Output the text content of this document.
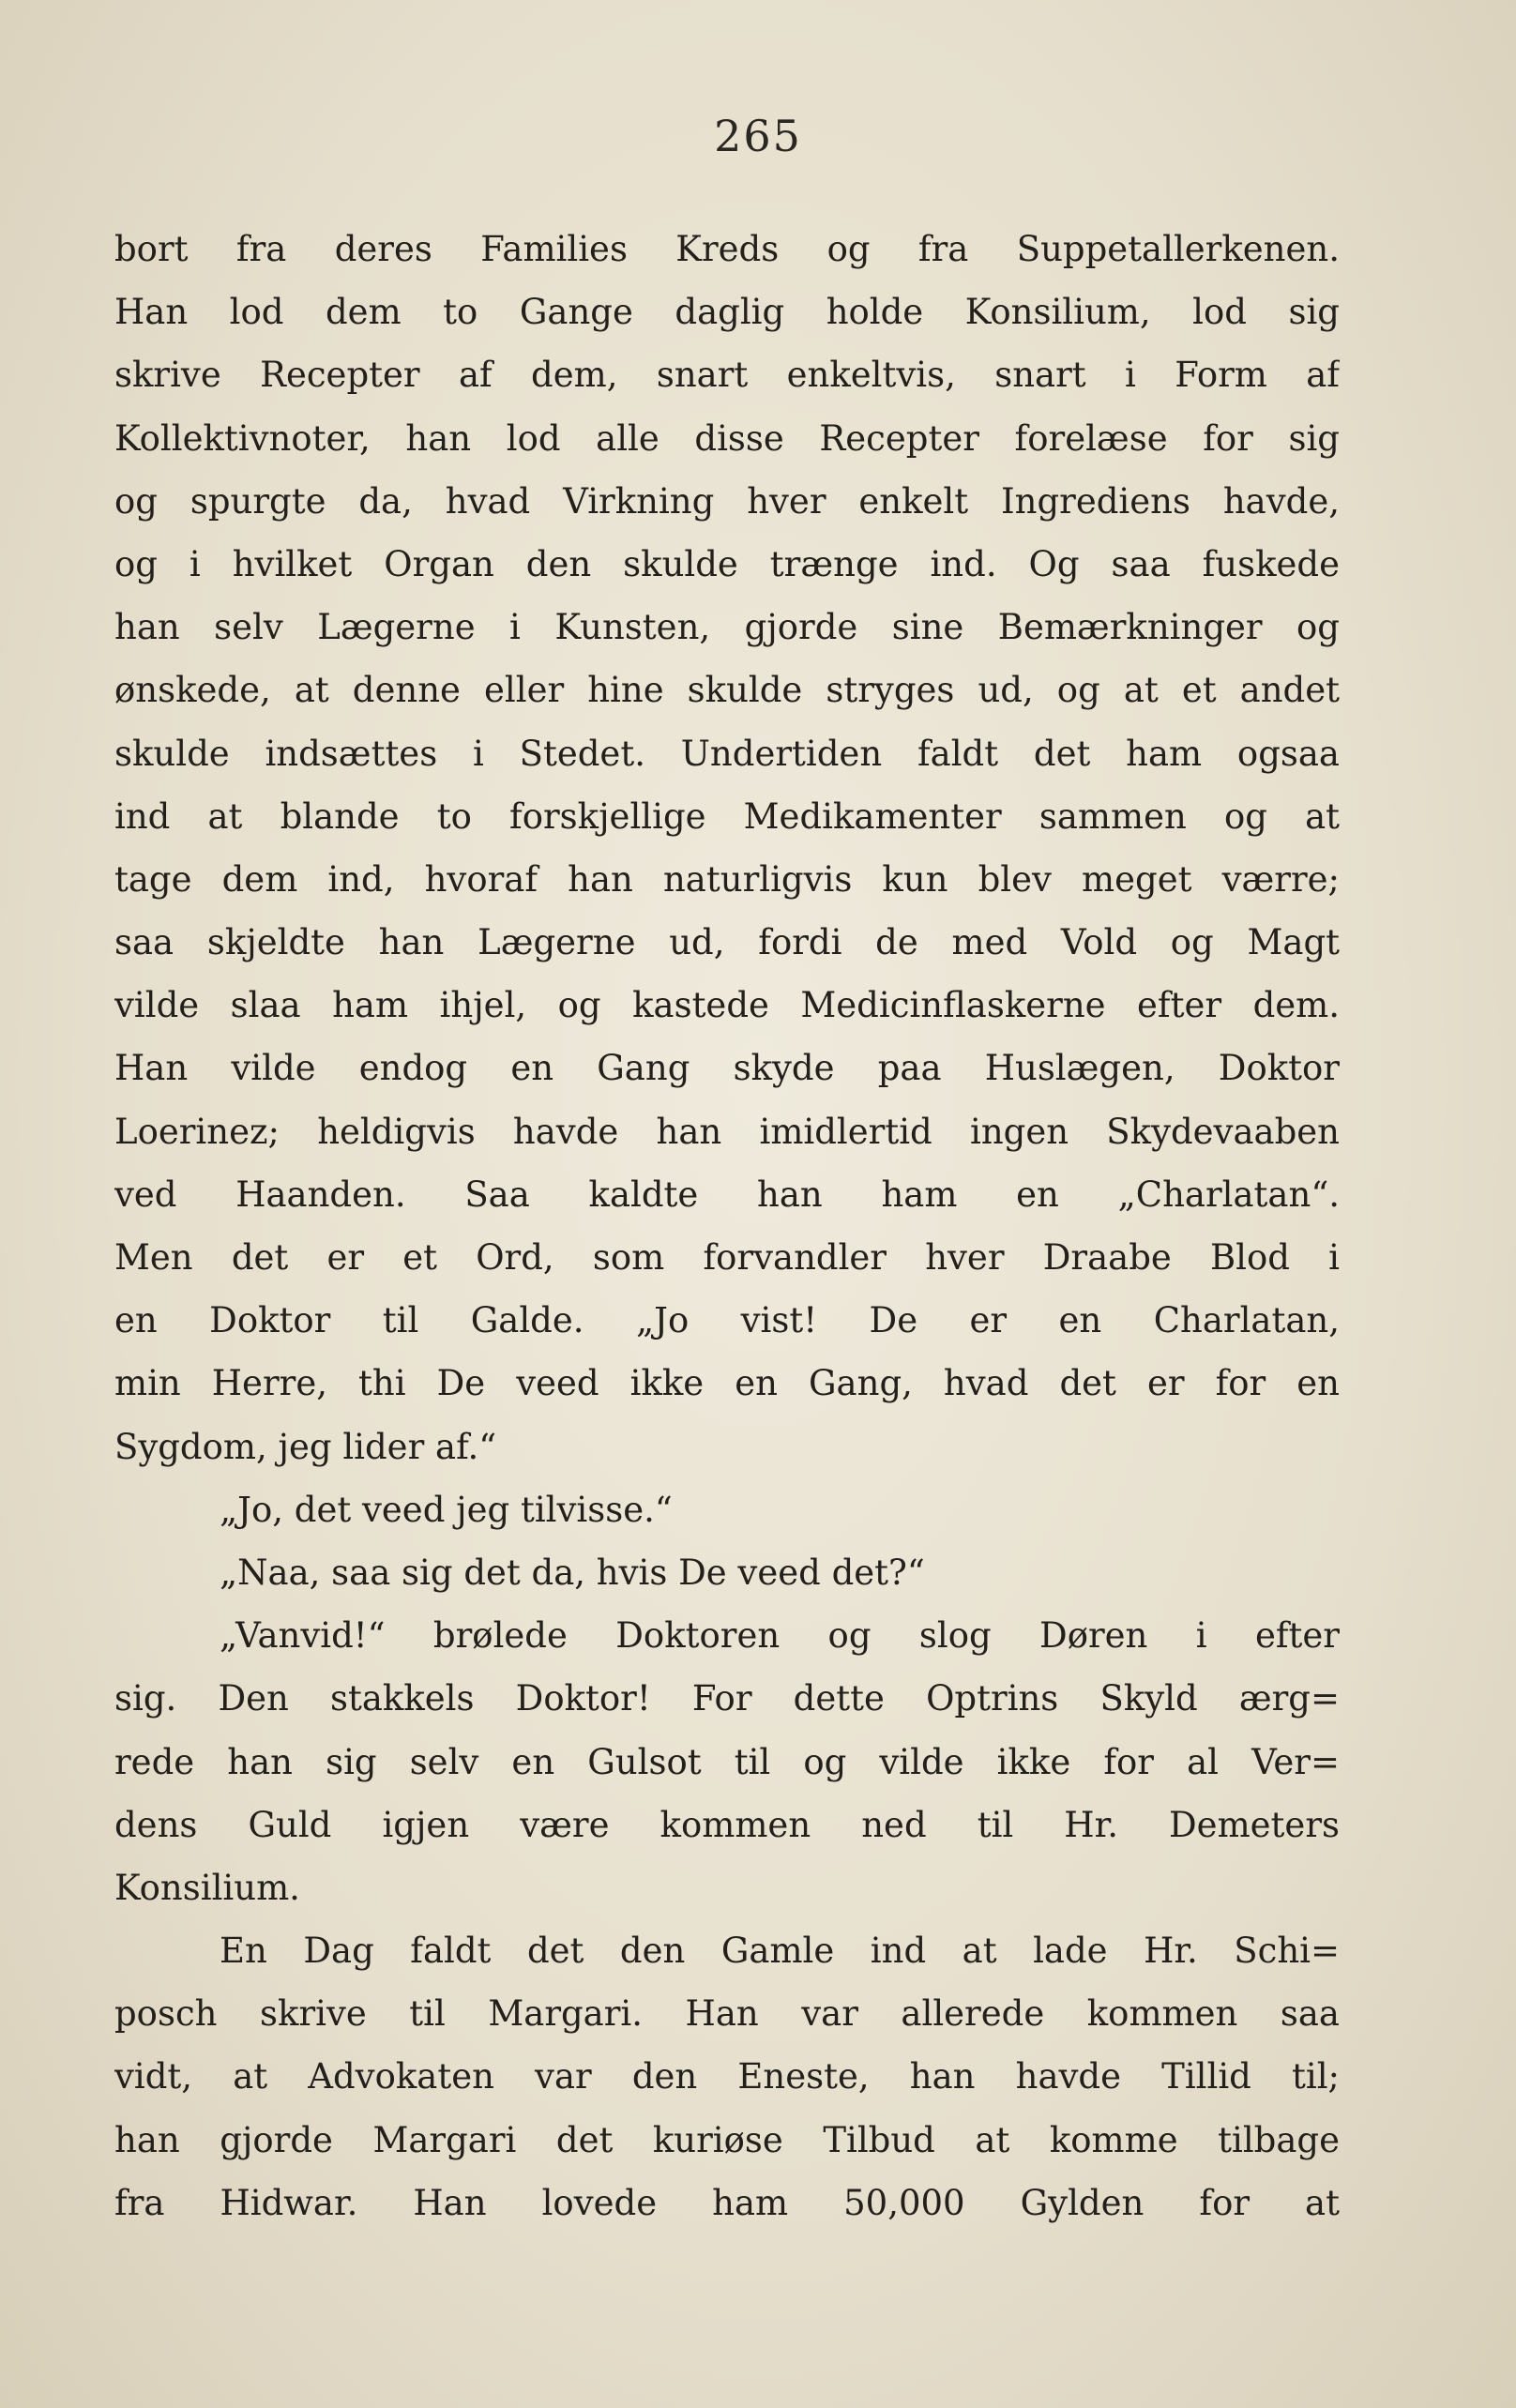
265
bort fra deres Families Kreds og fra Suppetallerkenen.
Han lod dem to Gange daglig holde Konsilium, lod sig
skrive Recepter af dem, snart enkeltvis, snart i Form af
Kollektivnoter, han lod alle disse Recepter forelæse for sig
og spurgte da, hvad Virkning hver enkelt Ingrediens havde,
og i hvilket Organ den skulde trænge ind. Og saa fuskede
han selv Lægerne i Kunsten, gjorde sine Bemærkninger og
ønskede, at denne eller hine skulde stryges ud, og at et andet
skulde indsættes i Stedet. Undertiden faldt det ham ogsaa
ind at blande to forskjellige Medikamenter sammen og at
tage dem ind, hvoraf han naturligvis kun blev meget værre;
saa skjeldte han Lægerne ud, fordi de med Vold og Magt
vilde slaa ham ihjel, og kastede Medicinflaskerne efter dem.
Han vilde endog en Gang skyde paa Huslægen, Doktor
Loerinez; heldigvis havde han imidlertid ingen Skydevaaben
ved Haanden. Saa kaldte han ham en „Charlatan“.
Men det er et Ord, som forvandler hver Draabe Blod i
en Doktor til Galde. „Jo vist! De er en Charlatan,
min Herre, thi De veed ikke en Gang, hvad det er for en
Sygdom, jeg lider af.“
„Jo, det veed jeg tilvisse.“
„Naa, saa sig det da, hvis De veed det?“
„Vanvid!“ brølede Doktoren og slog Døren i efter
sig. Den stakkels Doktor! For dette Optrins Skyld ærg=
rede han sig selv en Gulsot til og vilde ikke for al Ver=
dens Guld igjen være kommen ned til Hr. Demeters
Konsilium.
En Dag faldt det den Gamle ind at lade Hr. Schi=
posch skrive til Margari. Han var allerede kommen saa
vidt, at Advokaten var den Eneste, han havde Tillid til;
han gjorde Margari det kuriøse Tilbud at komme tilbage
fra Hidwar. Han lovede ham 50,000 Gylden for at
